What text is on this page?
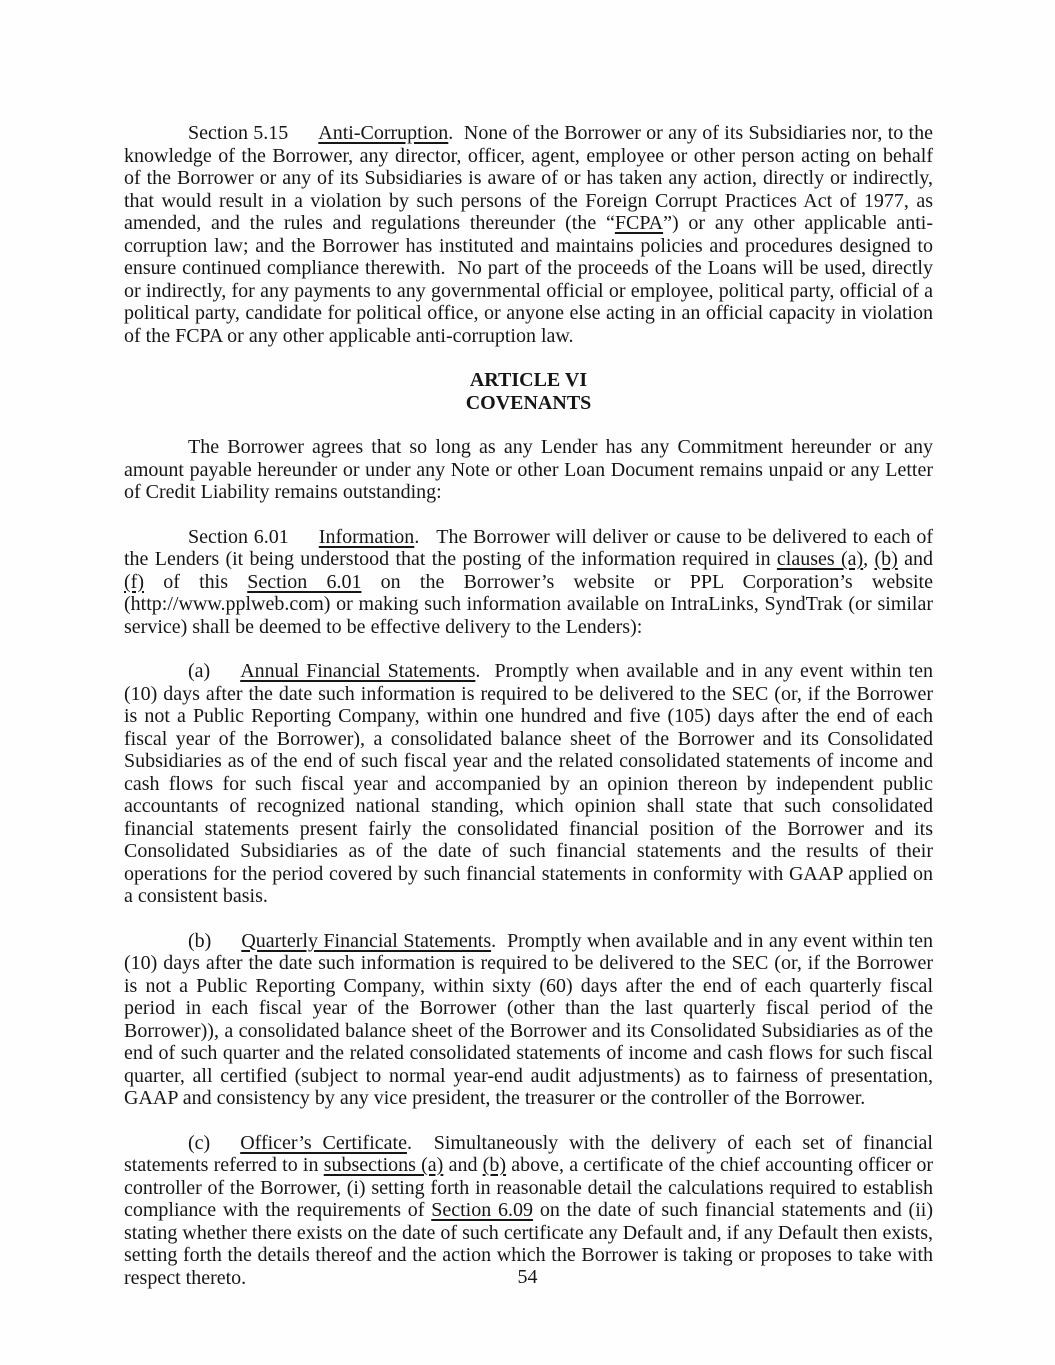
Section 5.15 Anti-Corruption.  None of the Borrower or any of its Subsidiaries nor, to the knowledge of the Borrower, any director, officer, agent, employee or other person acting on behalf of the Borrower or any of its Subsidiaries is aware of or has taken any action, directly or indirectly, that would result in a violation by such persons of the Foreign Corrupt Practices Act of 1977, as amended, and the rules and regulations thereunder (the “FCPA”) or any other applicable anti-corruption law; and the Borrower has instituted and maintains policies and procedures designed to ensure continued compliance therewith.  No part of the proceeds of the Loans will be used, directly or indirectly, for any payments to any governmental official or employee, political party, official of a political party, candidate for political office, or anyone else acting in an official capacity in violation of the FCPA or any other applicable anti-corruption law.

ARTICLE VI
COVENANTS

The Borrower agrees that so long as any Lender has any Commitment hereunder or any amount payable hereunder or under any Note or other Loan Document remains unpaid or any Letter of Credit Liability remains outstanding:

Section 6.01 Information.   The Borrower will deliver or cause to be delivered to each of the Lenders (it being understood that the posting of the information required in clauses (a), (b) and (f) of this Section 6.01 on the Borrower’s website or PPL Corporation’s website (http://www.pplweb.com) or making such information available on IntraLinks, SyndTrak (or similar service) shall be deemed to be effective delivery to the Lenders):

(a) Annual Financial Statements.  Promptly when available and in any event within ten (10) days after the date such information is required to be delivered to the SEC (or, if the Borrower is not a Public Reporting Company, within one hundred and five (105) days after the end of each fiscal year of the Borrower), a consolidated balance sheet of the Borrower and its Consolidated Subsidiaries as of the end of such fiscal year and the related consolidated statements of income and cash flows for such fiscal year and accompanied by an opinion thereon by independent public accountants of recognized national standing, which opinion shall state that such consolidated financial statements present fairly the consolidated financial position of the Borrower and its Consolidated Subsidiaries as of the date of such financial statements and the results of their operations for the period covered by such financial statements in conformity with GAAP applied on a consistent basis.

(b) Quarterly Financial Statements.  Promptly when available and in any event within ten (10) days after the date such information is required to be delivered to the SEC (or, if the Borrower is not a Public Reporting Company, within sixty (60) days after the end of each quarterly fiscal period in each fiscal year of the Borrower (other than the last quarterly fiscal period of the Borrower)), a consolidated balance sheet of the Borrower and its Consolidated Subsidiaries as of the end of such quarter and the related consolidated statements of income and cash flows for such fiscal quarter, all certified (subject to normal year-end audit adjustments) as to fairness of presentation, GAAP and consistency by any vice president, the treasurer or the controller of the Borrower.

(c) Officer’s Certificate.  Simultaneously with the delivery of each set of financial statements referred to in subsections (a) and (b) above, a certificate of the chief accounting officer or controller of the Borrower, (i) setting forth in reasonable detail the calculations required to establish compliance with the requirements of Section 6.09 on the date of such financial statements and (ii) stating whether there exists on the date of such certificate any Default and, if any Default then exists, setting forth the details thereof and the action which the Borrower is taking or proposes to take with respect thereto.	54
